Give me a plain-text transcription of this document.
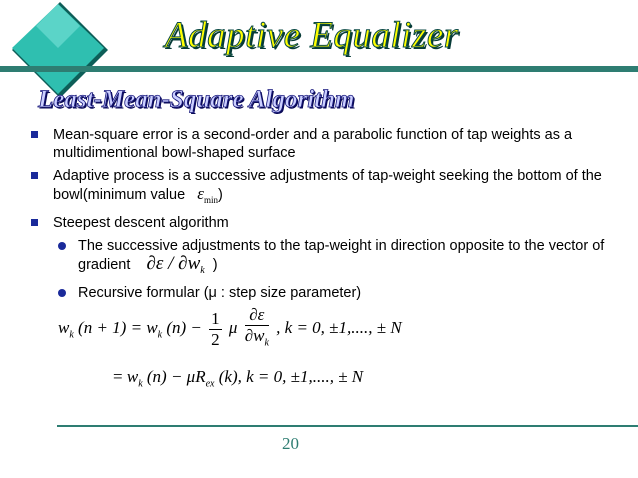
Adaptive Equalizer
Least-Mean-Square Algorithm
Mean-square error is a second-order and a parabolic function of tap weights as a multidimentional bowl-shaped surface
Adaptive process is a successive adjustments of tap-weight seeking the bottom of the bowl(minimum value $\varepsilon_{min}$)
Steepest descent algorithm
The successive adjustments to the tap-weight in direction opposite to the vector of gradient $\partial\varepsilon / \partial w_k$ )
Recursive formular (μ : step size parameter)
$w_k$ $(n + 1) = w_k$ $(n) - \frac{1}{2}$ μ $\frac{\partial\varepsilon}{\partial w_k}$ , k = 0, ±1,...., ± N
= $w_k$ $(n) - \mu R_{ex}$ (k), k = 0, ±1,...., ± N
20
